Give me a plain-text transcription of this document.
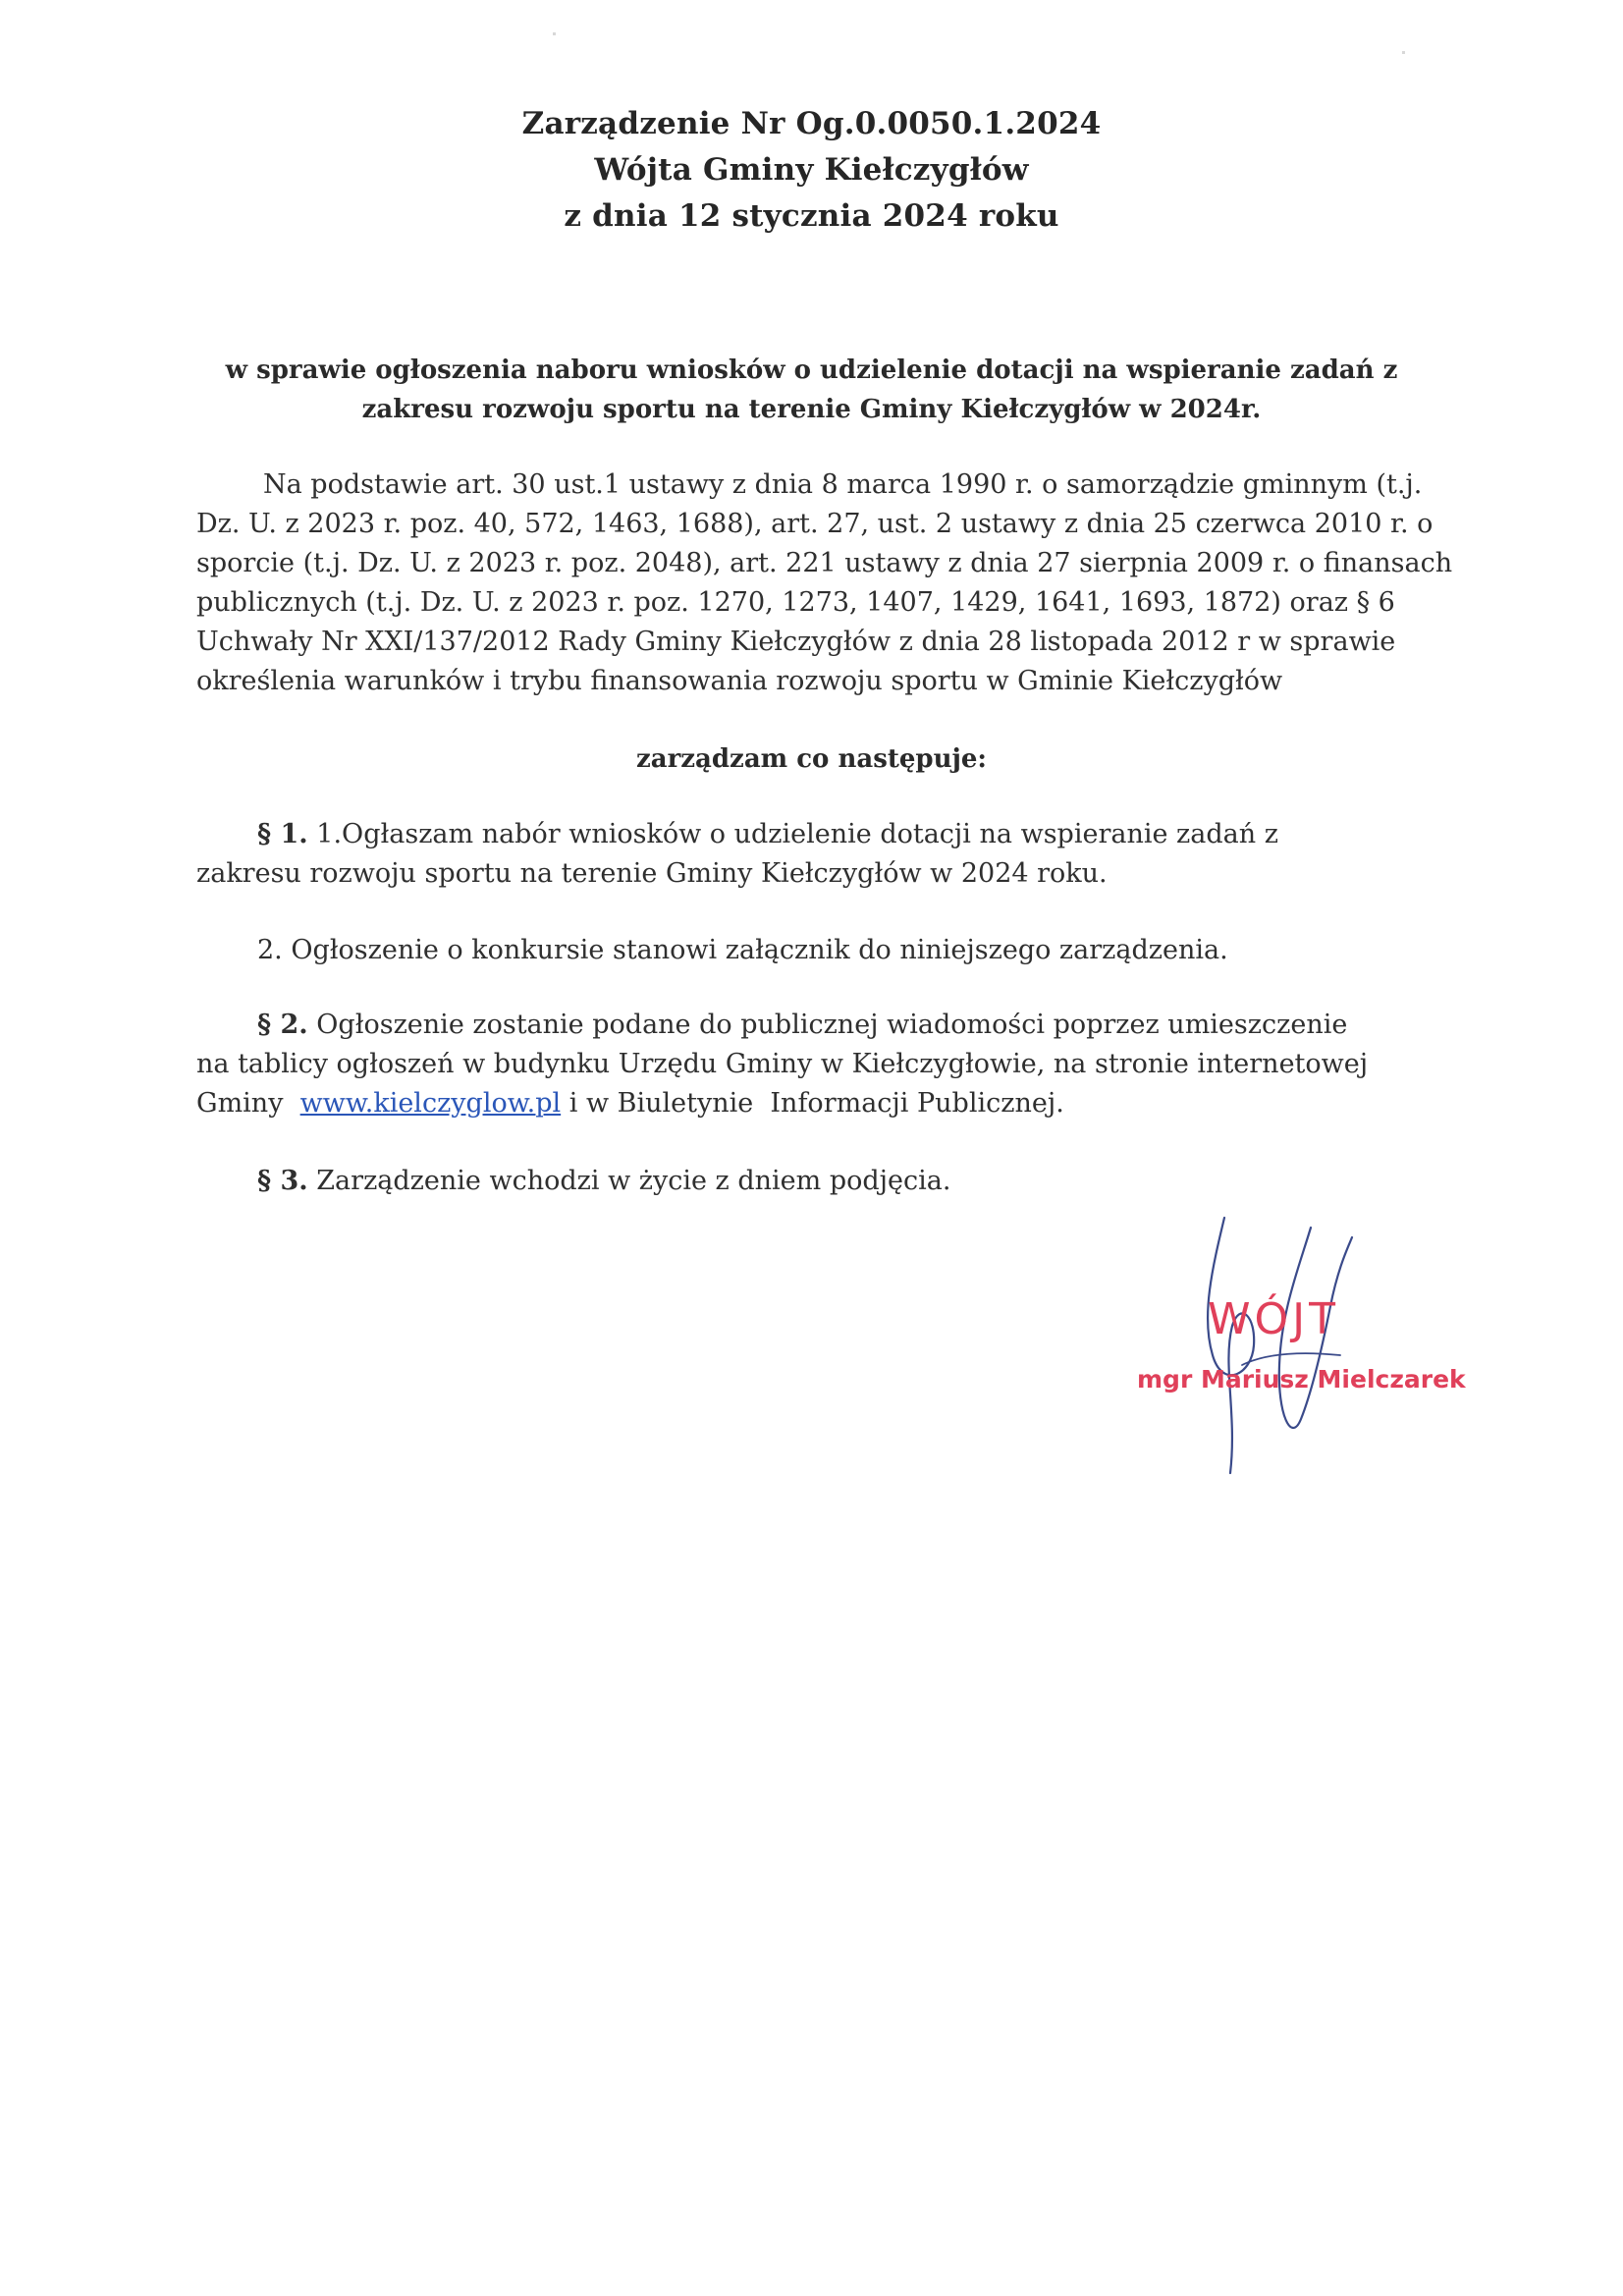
Zarządzenie Nr Og.0.0050.1.2024
Wójta Gminy Kiełczygłów
z dnia 12 stycznia 2024 roku
w sprawie ogłoszenia naboru wniosków o udzielenie dotacji na wspieranie zadań z
zakresu rozwoju sportu na terenie Gminy Kiełczygłów w 2024r.
Na podstawie art. 30 ust.1 ustawy z dnia 8 marca 1990 r. o samorządzie gminnym (t.j.
Dz. U. z 2023 r. poz. 40, 572, 1463, 1688), art. 27, ust. 2 ustawy z dnia 25 czerwca 2010 r. o
sporcie (t.j. Dz. U. z 2023 r. poz. 2048), art. 221 ustawy z dnia 27 sierpnia 2009 r. o finansach
publicznych (t.j. Dz. U. z 2023 r. poz. 1270, 1273, 1407, 1429, 1641, 1693, 1872) oraz § 6
Uchwały Nr XXI/137/2012 Rady Gminy Kiełczygłów z dnia 28 listopada 2012 r w sprawie
określenia warunków i trybu finansowania rozwoju sportu w Gminie Kiełczygłów
zarządzam co następuje:
§ 1. 1.Ogłaszam nabór wniosków o udzielenie dotacji na wspieranie zadań z
zakresu rozwoju sportu na terenie Gminy Kiełczygłów w 2024 roku.
2. Ogłoszenie o konkursie stanowi załącznik do niniejszego zarządzenia.
§ 2. Ogłoszenie zostanie podane do publicznej wiadomości poprzez umieszczenie
na tablicy ogłoszeń w budynku Urzędu Gminy w Kiełczygłowie, na stronie internetowej
Gminy  www.kielczyglow.pl i w Biuletynie  Informacji Publicznej.
§ 3. Zarządzenie wchodzi w życie z dniem podjęcia.
WÓJT
mgr Mariusz Mielczarek
